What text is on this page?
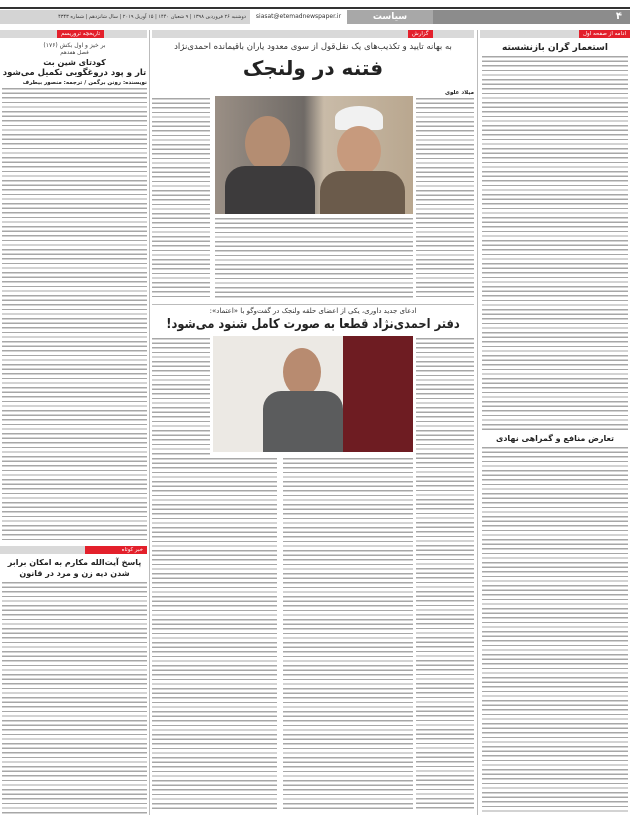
دوشنبه ۲۶ فروردین ۱۳۹۸ | ۹ شعبان ۱۴۴۰ | ۱۵ آوریل ۲۰۱۹ | سال شانزدهم | شماره ۴۳۴۳	siasat@etemadnewspaper.ir	سیاست	۴
ادامه از صفحه اول
استعمار گران بازنشسته
تعارض منافع و گمراهی نهادی
گزارش
به بهانه تایید و تکذیب‌های یک نقل‌قول از سوی معدود یاران باقیمانده احمدی‌نژاد
فتنه در ولنجک
میلاد علوی
ادعای جدید داوری، یکی از اعضای حلقه ولنجک در گفت‌وگو با «اعتماد»:
دفتر احمدی‌نژاد قطعا به صورت کامل شنود می‌شود!
تاریخچه تروریسم
بر خیز و اول بکش (۱۷۶)
فصل هفدهم
کودتای شین بت
تار و پود دروغگویی تکمیل می‌شود
نویسنده: رونن برگمن / ترجمه: منصور بیطرف
خبر کوتاه
پاسخ آیت‌الله مکارم به امکان برابر شدن دیه زن و مرد در قانون
